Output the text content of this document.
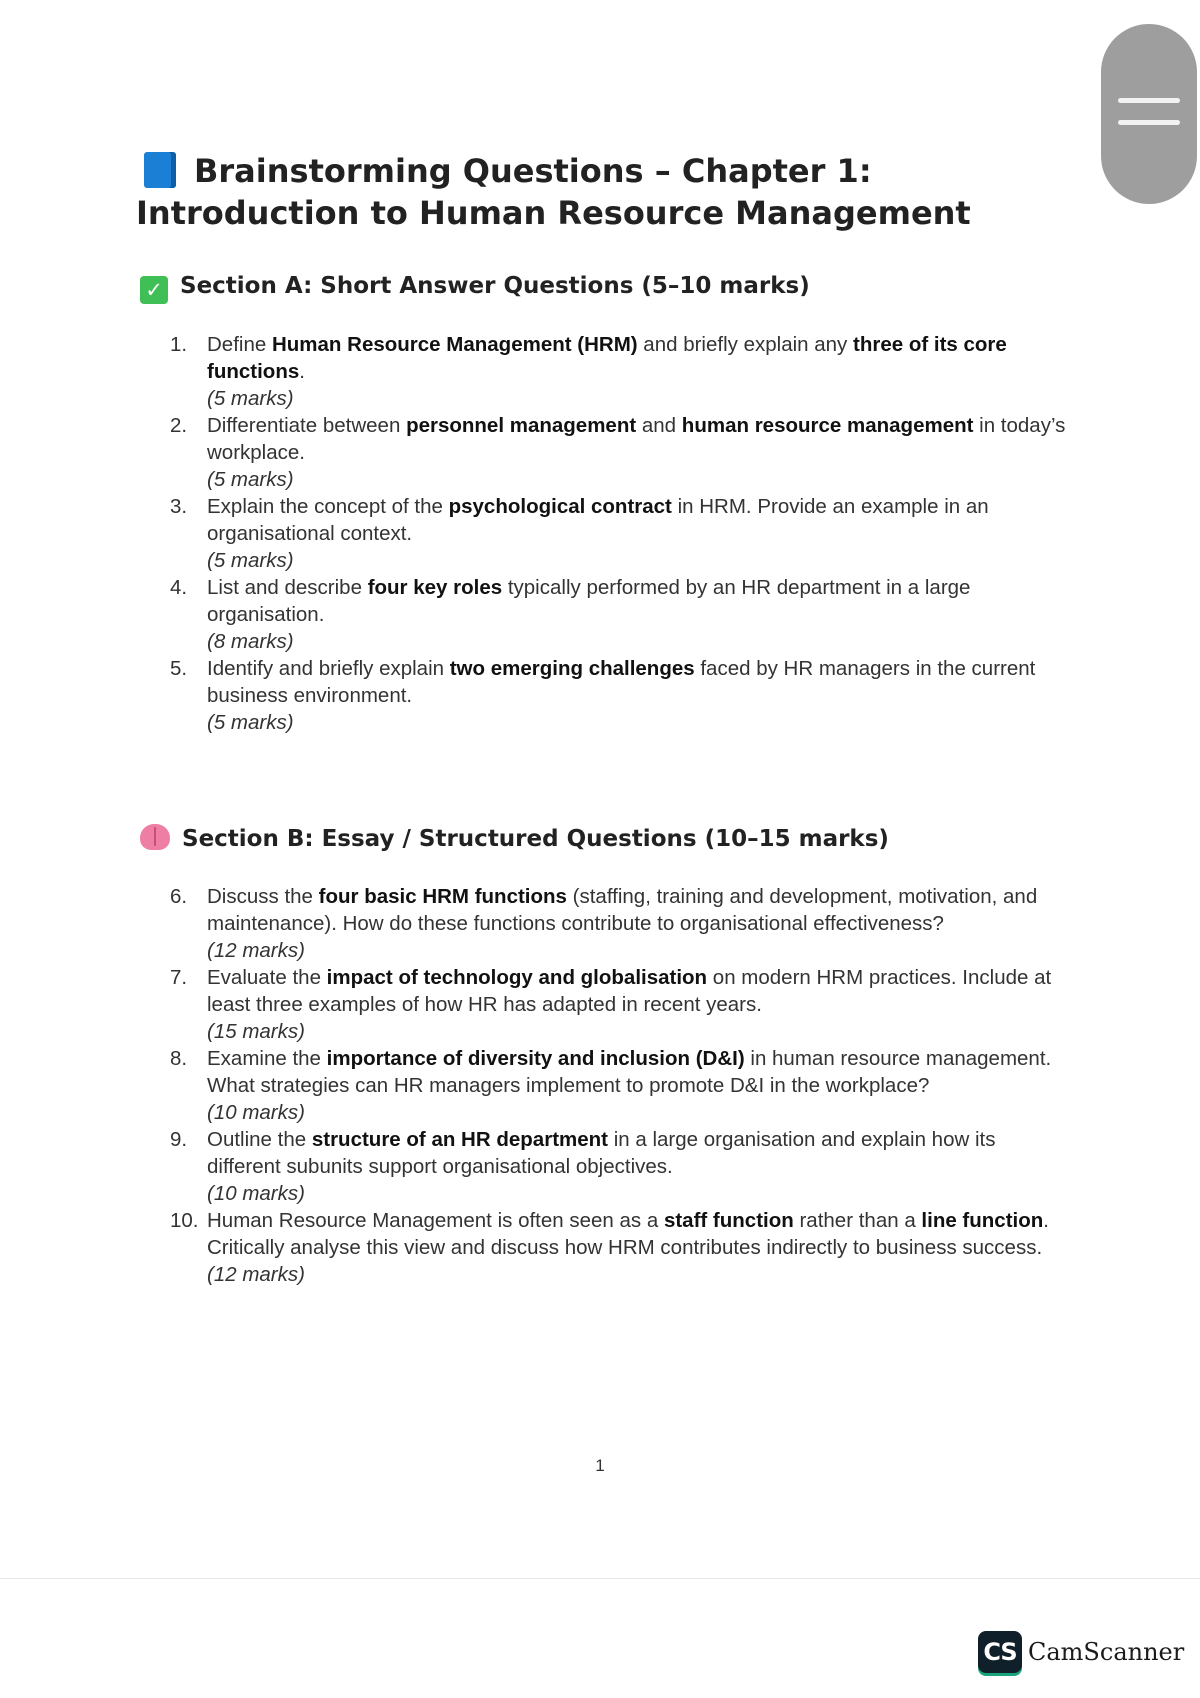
Brainstorming Questions – Chapter 1: Introduction to Human Resource Management
✓ Section A: Short Answer Questions (5–10 marks)
1. Define Human Resource Management (HRM) and briefly explain any three of its core functions.
(5 marks)
2. Differentiate between personnel management and human resource management in today’s workplace.
(5 marks)
3. Explain the concept of the psychological contract in HRM. Provide an example in an organisational context.
(5 marks)
4. List and describe four key roles typically performed by an HR department in a large organisation.
(8 marks)
5. Identify and briefly explain two emerging challenges faced by HR managers in the current business environment.
(5 marks)
Section B: Essay / Structured Questions (10–15 marks)
6. Discuss the four basic HRM functions (staffing, training and development, motivation, and maintenance). How do these functions contribute to organisational effectiveness?
(12 marks)
7. Evaluate the impact of technology and globalisation on modern HRM practices. Include at least three examples of how HR has adapted in recent years.
(15 marks)
8. Examine the importance of diversity and inclusion (D&I) in human resource management. What strategies can HR managers implement to promote D&I in the workplace?
(10 marks)
9. Outline the structure of an HR department in a large organisation and explain how its different subunits support organisational objectives.
(10 marks)
10. Human Resource Management is often seen as a staff function rather than a line function. Critically analyse this view and discuss how HRM contributes indirectly to business success.
(12 marks)
1
CS CamScanner
